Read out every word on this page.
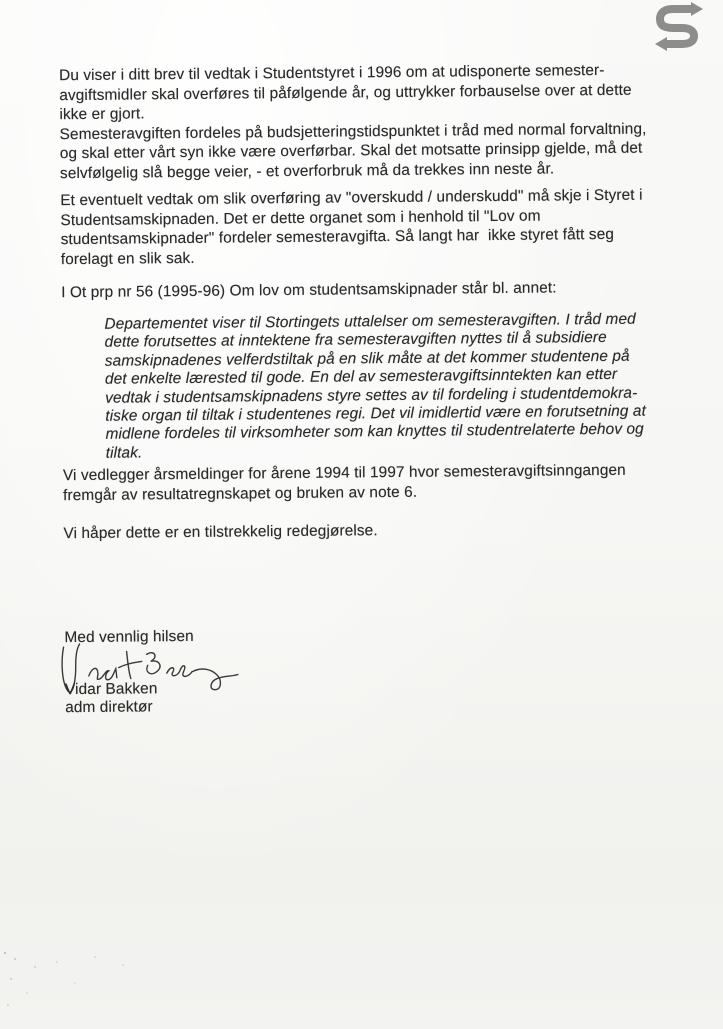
Du viser i ditt brev til vedtak i Studentstyret i 1996 om at udisponerte semester-
avgiftsmidler skal overføres til påfølgende år, og uttrykker forbauselse over at dette
ikke er gjort.
Semesteravgiften fordeles på budsjetteringstidspunktet i tråd med normal forvaltning,
og skal etter vårt syn ikke være overførbar. Skal det motsatte prinsipp gjelde, må det
selvfølgelig slå begge veier, - et overforbruk må da trekkes inn neste år.
Et eventuelt vedtak om slik overføring av "overskudd / underskudd" må skje i Styret i
Studentsamskipnaden. Det er dette organet som i henhold til "Lov om
studentsamskipnader" fordeler semesteravgifta. Så langt har  ikke styret fått seg
forelagt en slik sak.
I Ot prp nr 56 (1995-96) Om lov om studentsamskipnader står bl. annet:
Departementet viser til Stortingets uttalelser om semesteravgiften. I tråd med
dette forutsettes at inntektene fra semesteravgiften nyttes til å subsidiere
samskipnadenes velferdstiltak på en slik måte at det kommer studentene på
det enkelte lærested til gode. En del av semesteravgiftsinntekten kan etter
vedtak i studentsamskipnadens styre settes av til fordeling i studentdemokra-
tiske organ til tiltak i studentenes regi. Det vil imidlertid være en forutsetning at
midlene fordeles til virksomheter som kan knyttes til studentrelaterte behov og
tiltak.
Vi vedlegger årsmeldinger for årene 1994 til 1997 hvor semesteravgiftsinngangen
fremgår av resultatregnskapet og bruken av note 6.
Vi håper dette er en tilstrekkelig redegjørelse.
Med vennlig hilsen
Vidar Bakken
adm direktør
